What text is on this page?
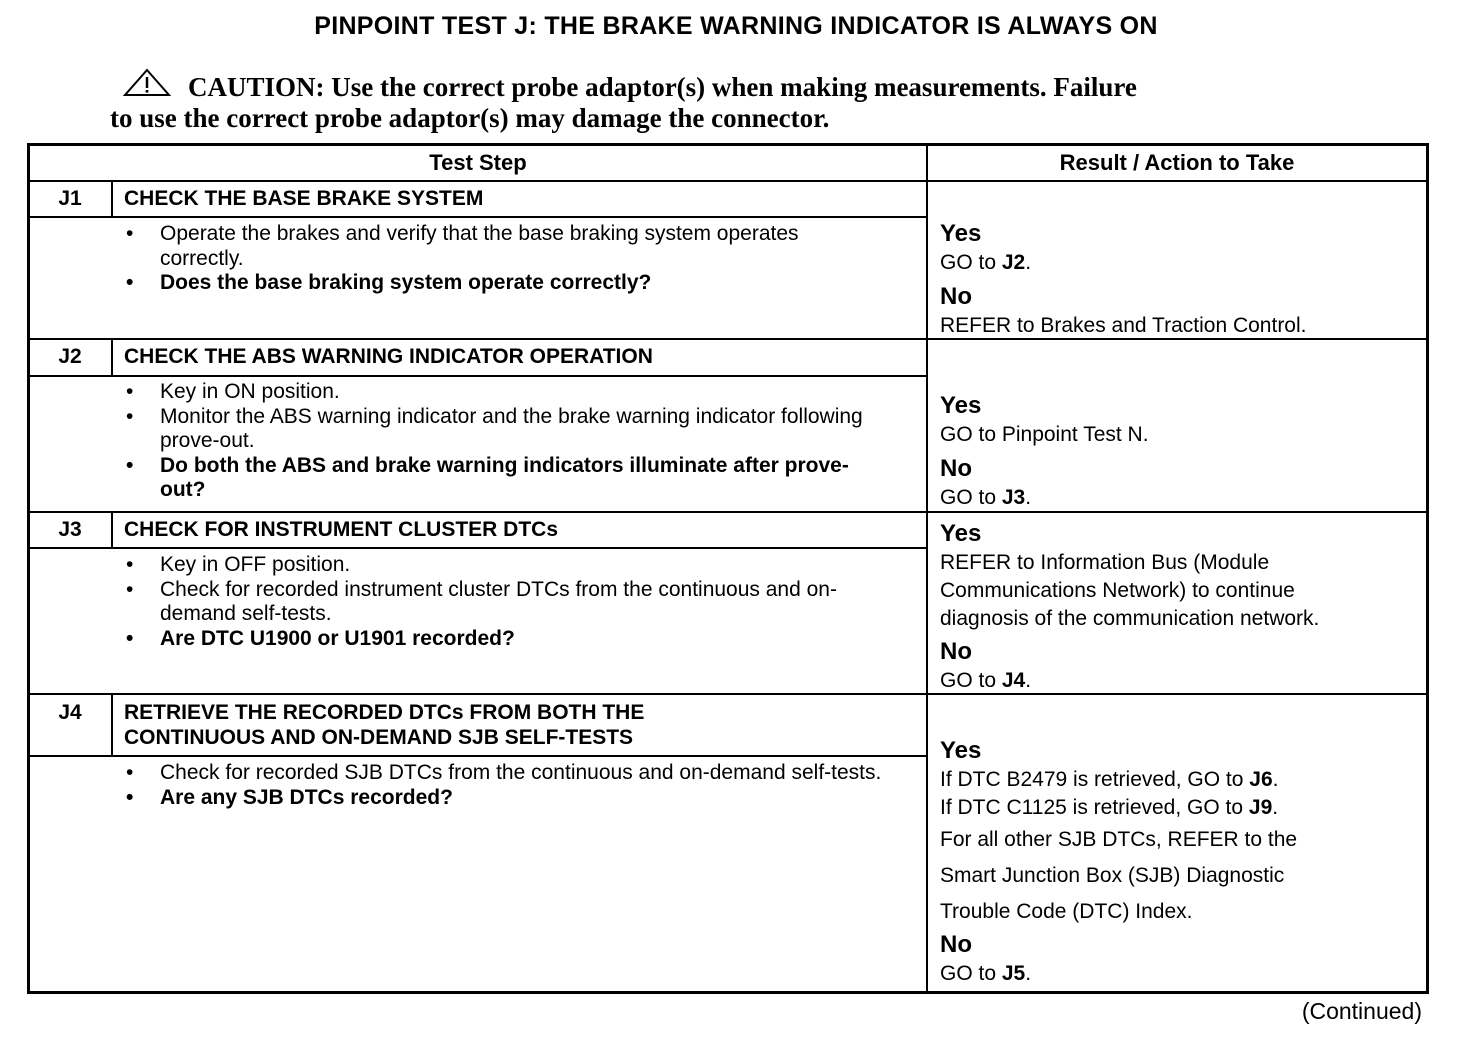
PINPOINT TEST J: THE BRAKE WARNING INDICATOR IS ALWAYS ON
CAUTION: Use the correct probe adaptor(s) when making measurements. Failure
to use the correct probe adaptor(s) may damage the connector.
Test Step	Result / Action to Take
J1	CHECK THE BASE BRAKE SYSTEM
• Operate the brakes and verify that the base braking system operates correctly.
• Does the base braking system operate correctly?
Yes
GO to J2.
No
REFER to Brakes and Traction Control.
J2	CHECK THE ABS WARNING INDICATOR OPERATION
• Key in ON position.
• Monitor the ABS warning indicator and the brake warning indicator following prove-out.
• Do both the ABS and brake warning indicators illuminate after prove-out?
Yes
GO to Pinpoint Test N.
No
GO to J3.
J3	CHECK FOR INSTRUMENT CLUSTER DTCs
• Key in OFF position.
• Check for recorded instrument cluster DTCs from the continuous and on-demand self-tests.
• Are DTC U1900 or U1901 recorded?
Yes
REFER to Information Bus (Module
Communications Network) to continue
diagnosis of the communication network.
No
GO to J4.
J4	RETRIEVE THE RECORDED DTCs FROM BOTH THE
CONTINUOUS AND ON-DEMAND SJB SELF-TESTS
• Check for recorded SJB DTCs from the continuous and on-demand self-tests.
• Are any SJB DTCs recorded?
Yes
If DTC B2479 is retrieved, GO to J6.
If DTC C1125 is retrieved, GO to J9.
For all other SJB DTCs, REFER to the
Smart Junction Box (SJB) Diagnostic
Trouble Code (DTC) Index.
No
GO to J5.
(Continued)
